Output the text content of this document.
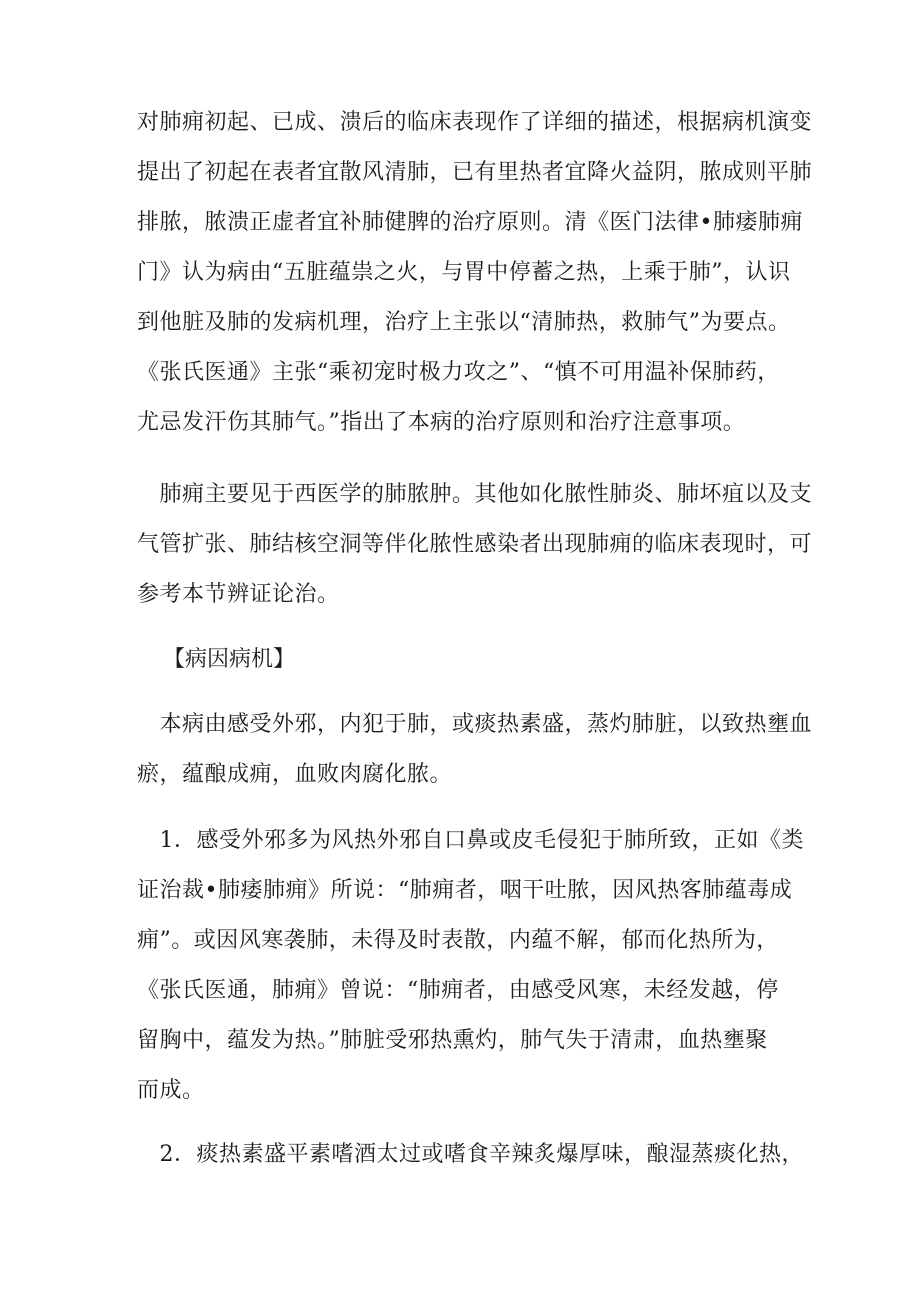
对肺痈初起、已成、溃后的临床表现作了详细的描述，根据病机演变
提出了初起在表者宜散风清肺，已有里热者宜降火益阴，脓成则平肺
排脓，脓溃正虚者宜补肺健脾的治疗原则。清《医门法律•肺痿肺痈
门》认为病由“五脏蕴祟之火，与胃中停蓄之热，上乘于肺”，认识
到他脏及肺的发病机理，治疗上主张以“清肺热，救肺气”为要点。
《张氏医通》主张“乘初宠时极力攻之”、“慎不可用温补保肺药，
尤忌发汗伤其肺气。”指出了本病的治疗原则和治疗注意事项。
　肺痈主要见于西医学的肺脓肿。其他如化脓性肺炎、肺坏疽以及支
气管扩张、肺结核空洞等伴化脓性感染者出现肺痈的临床表现时，可
参考本节辨证论治。
【病因病机】
　本病由感受外邪，内犯于肺，或痰热素盛，蒸灼肺脏，以致热壅血
瘀，蕴酿成痈，血败肉腐化脓。
　1．感受外邪多为风热外邪自口鼻或皮毛侵犯于肺所致，正如《类
证治裁•肺痿肺痈》所说：“肺痈者，咽干吐脓，因风热客肺蕴毒成
痈”。或因风寒袭肺，未得及时表散，内蕴不解，郁而化热所为，
《张氏医通，肺痈》曾说：“肺痈者，由感受风寒，未经发越，停
留胸中，蕴发为热。”肺脏受邪热熏灼，肺气失于清肃，血热壅聚
而成。
　2．痰热素盛平素嗜酒太过或嗜食辛辣炙爆厚味，酿湿蒸痰化热，
